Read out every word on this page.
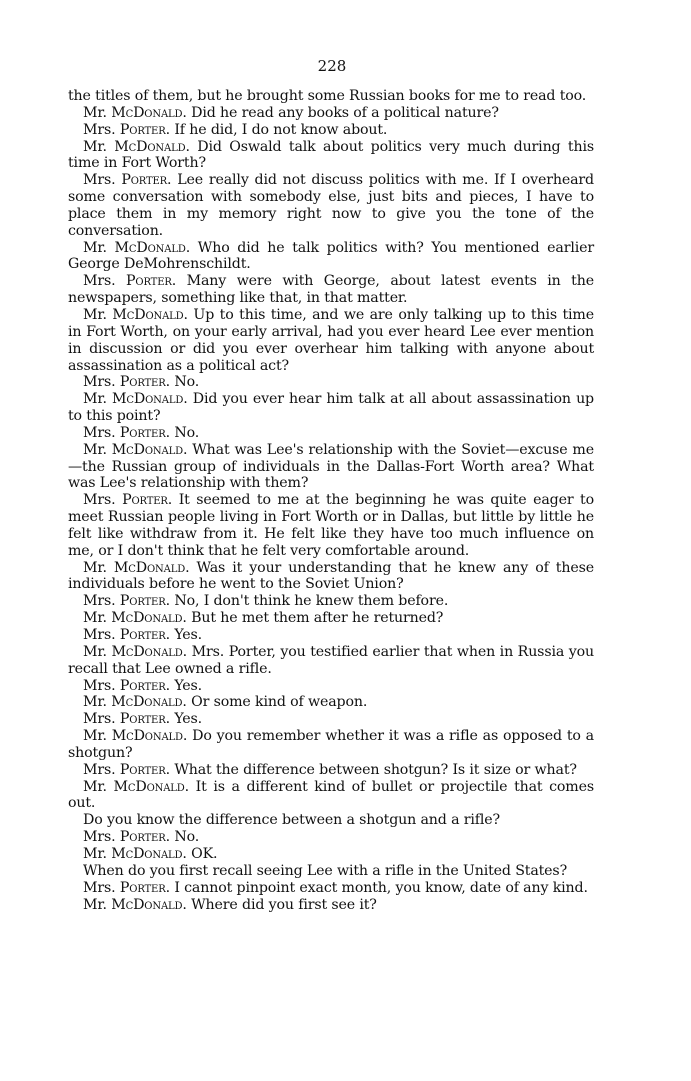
228

the titles of them, but he brought some Russian books for me to read too.

Mr. McDonald. Did he read any books of a political nature?

Mrs. Porter. If he did, I do not know about.

Mr. McDonald. Did Oswald talk about politics very much during this time in Fort Worth?

Mrs. Porter. Lee really did not discuss politics with me. If I overheard some conversation with somebody else, just bits and pieces, I have to place them in my memory right now to give you the tone of the conversation.

Mr. McDonald. Who did he talk politics with? You mentioned earlier George DeMohrenschildt.

Mrs. Porter. Many were with George, about latest events in the newspapers, something like that, in that matter.

Mr. McDonald. Up to this time, and we are only talking up to this time in Fort Worth, on your early arrival, had you ever heard Lee ever mention in discussion or did you ever overhear him talking with anyone about assassination as a political act?

Mrs. Porter. No.

Mr. McDonald. Did you ever hear him talk at all about assassination up to this point?

Mrs. Porter. No.

Mr. McDonald. What was Lee's relationship with the Soviet—excuse me—the Russian group of individuals in the Dallas-Fort Worth area? What was Lee's relationship with them?

Mrs. Porter. It seemed to me at the beginning he was quite eager to meet Russian people living in Fort Worth or in Dallas, but little by little he felt like withdraw from it. He felt like they have too much influence on me, or I don't think that he felt very comfortable around.

Mr. McDonald. Was it your understanding that he knew any of these individuals before he went to the Soviet Union?

Mrs. Porter. No, I don't think he knew them before.

Mr. McDonald. But he met them after he returned?

Mrs. Porter. Yes.

Mr. McDonald. Mrs. Porter, you testified earlier that when in Russia you recall that Lee owned a rifle.

Mrs. Porter. Yes.

Mr. McDonald. Or some kind of weapon.

Mrs. Porter. Yes.

Mr. McDonald. Do you remember whether it was a rifle as opposed to a shotgun?

Mrs. Porter. What the difference between shotgun? Is it size or what?

Mr. McDonald. It is a different kind of bullet or projectile that comes out.

Do you know the difference between a shotgun and a rifle?

Mrs. Porter. No.

Mr. McDonald. OK.

When do you first recall seeing Lee with a rifle in the United States?

Mrs. Porter. I cannot pinpoint exact month, you know, date of any kind.

Mr. McDonald. Where did you first see it?
